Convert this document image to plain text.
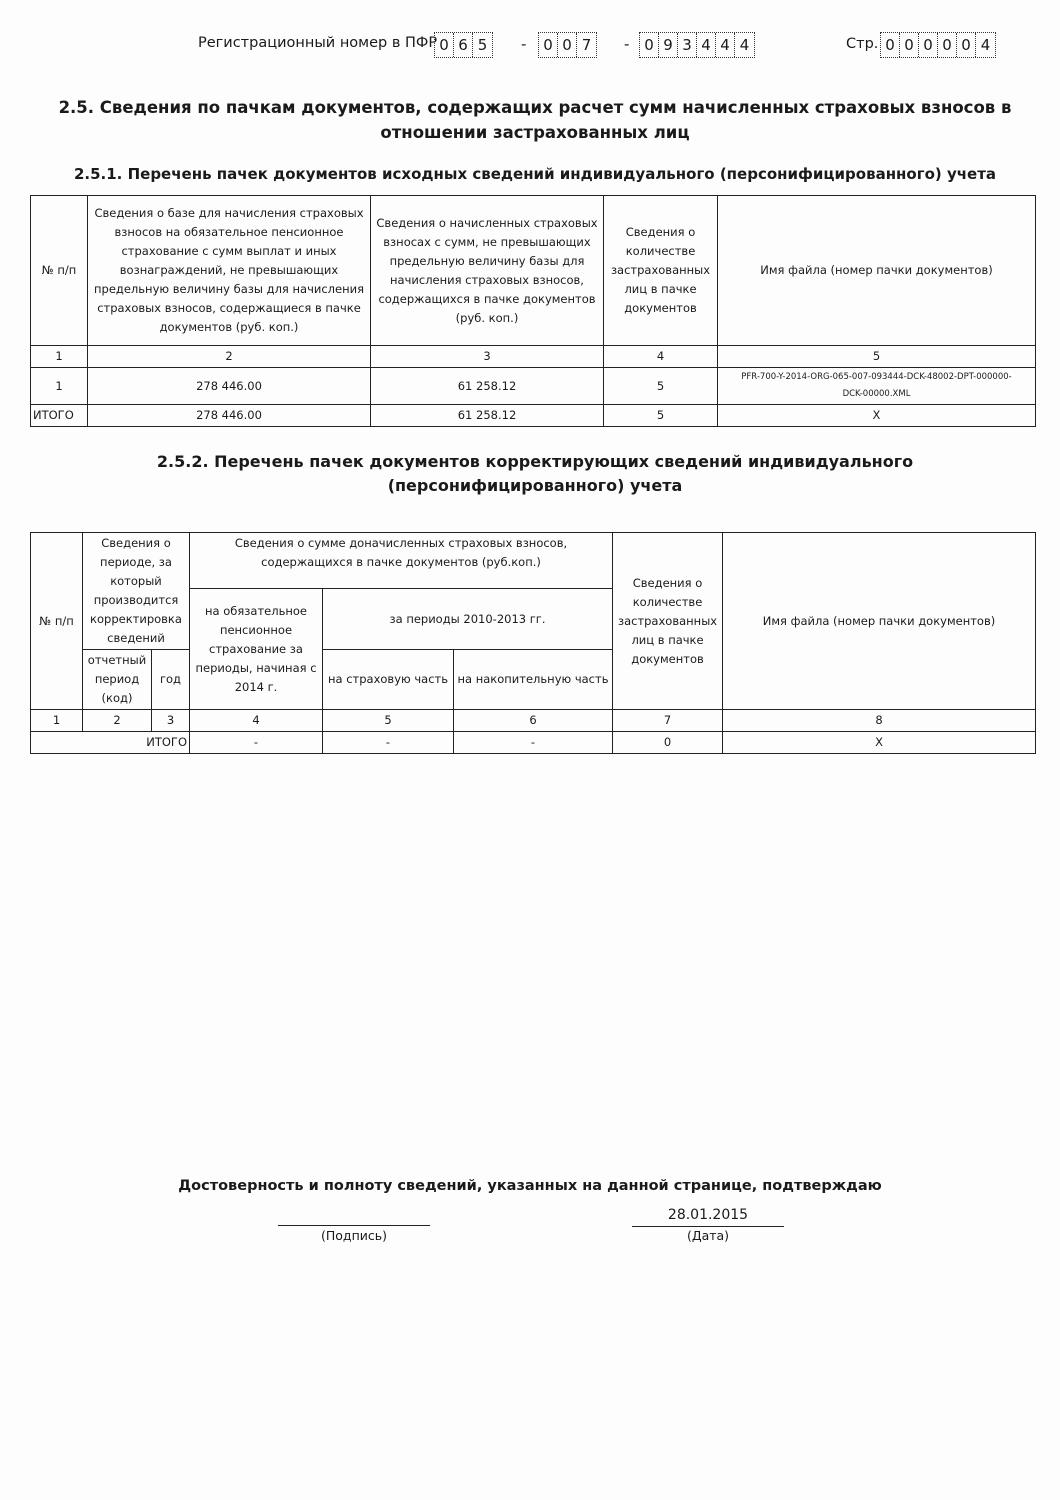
Регистрационный номер в ПФР 0 6 5	- 0 0 7	- 0 9 3 4 4 4	Стр. 0 0 0 0 0 4
2.5. Сведения по пачкам документов, содержащих расчет сумм начисленных страховых взносов в
отношении застрахованных лиц
2.5.1. Перечень пачек документов исходных сведений индивидуального (персонифицированного) учета
№ п/п	Сведения о базе для начисления страховых взносов на обязательное пенсионное страхование с сумм выплат и иных вознаграждений, не превышающих предельную величину базы для начисления страховых взносов, содержащиеся в пачке документов (руб. коп.)	Сведения о начисленных страховых взносах с сумм, не превышающих предельную величину базы для начисления страховых взносов, содержащихся в пачке документов (руб. коп.)	Сведения о количестве застрахованных лиц в пачке документов	Имя файла (номер пачки документов)
1	2	3	4	5
1	278 446.00	61 258.12	5	PFR-700-Y-2014-ORG-065-007-093444-DCK-48002-DPT-000000-
DCK-00000.XML

ИТОГО	278 446.00	61 258.12	5	X
2.5.2. Перечень пачек документов корректирующих сведений индивидуального
(персонифицированного) учета
№ п/п	Сведения о периоде, за который производится корректировка сведений		Сведения о сумме доначисленных страховых взносов, содержащихся в пачке документов (руб.коп.)			Сведения о количестве застрахованных лиц в пачке документов	Имя файла (номер пачки документов)
			на обязательное пенсионное страхование за периоды, начиная с 2014 г.	за периоды 2010-2013 гг.			
	отчетный период (код)	год		на страховую часть	на накопительную часть		
1	2	3	4	5	6	7	8
ИТОГО			-	-	-	0	X
Достоверность и полноту сведений, указанных на данной странице, подтверждаю
(Подпись)
28.01.2015
(Дата)
